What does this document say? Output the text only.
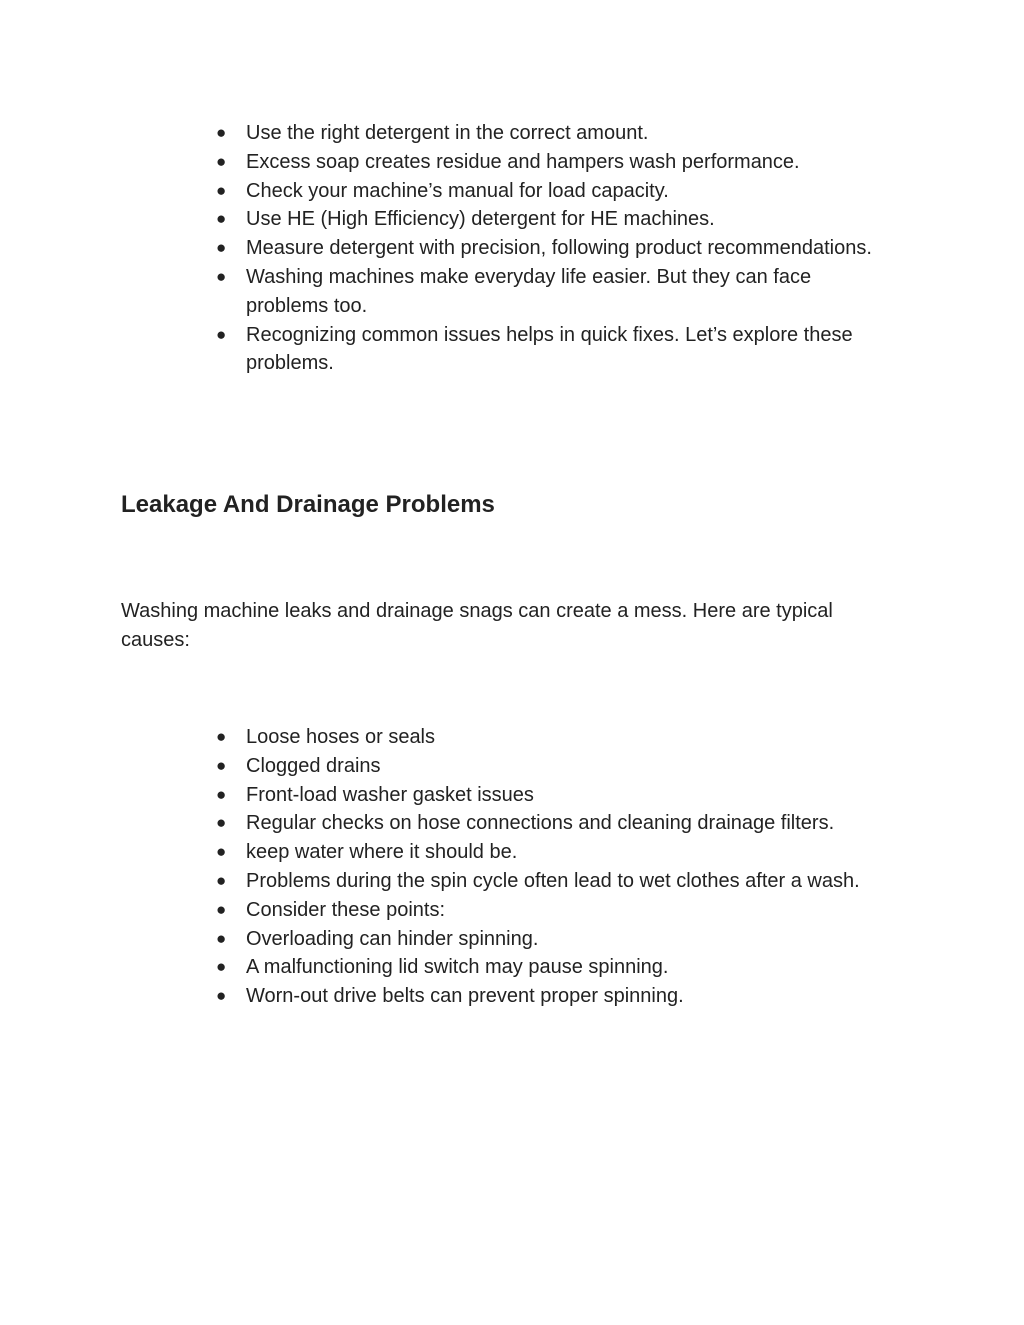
● Use the right detergent in the correct amount.
● Excess soap creates residue and hampers wash performance.
● Check your machine’s manual for load capacity.
● Use HE (High Efficiency) detergent for HE machines.
● Measure detergent with precision, following product recommendations.
● Washing machines make everyday life easier. But they can face problems too.
● Recognizing common issues helps in quick fixes. Let’s explore these problems.
Leakage And Drainage Problems

Washing machine leaks and drainage snags can create a mess. Here are typical causes:

● Loose hoses or seals
● Clogged drains
● Front-load washer gasket issues
● Regular checks on hose connections and cleaning drainage filters.
● keep water where it should be.
● Problems during the spin cycle often lead to wet clothes after a wash.
● Consider these points:
● Overloading can hinder spinning.
● A malfunctioning lid switch may pause spinning.
● Worn-out drive belts can prevent proper spinning.
